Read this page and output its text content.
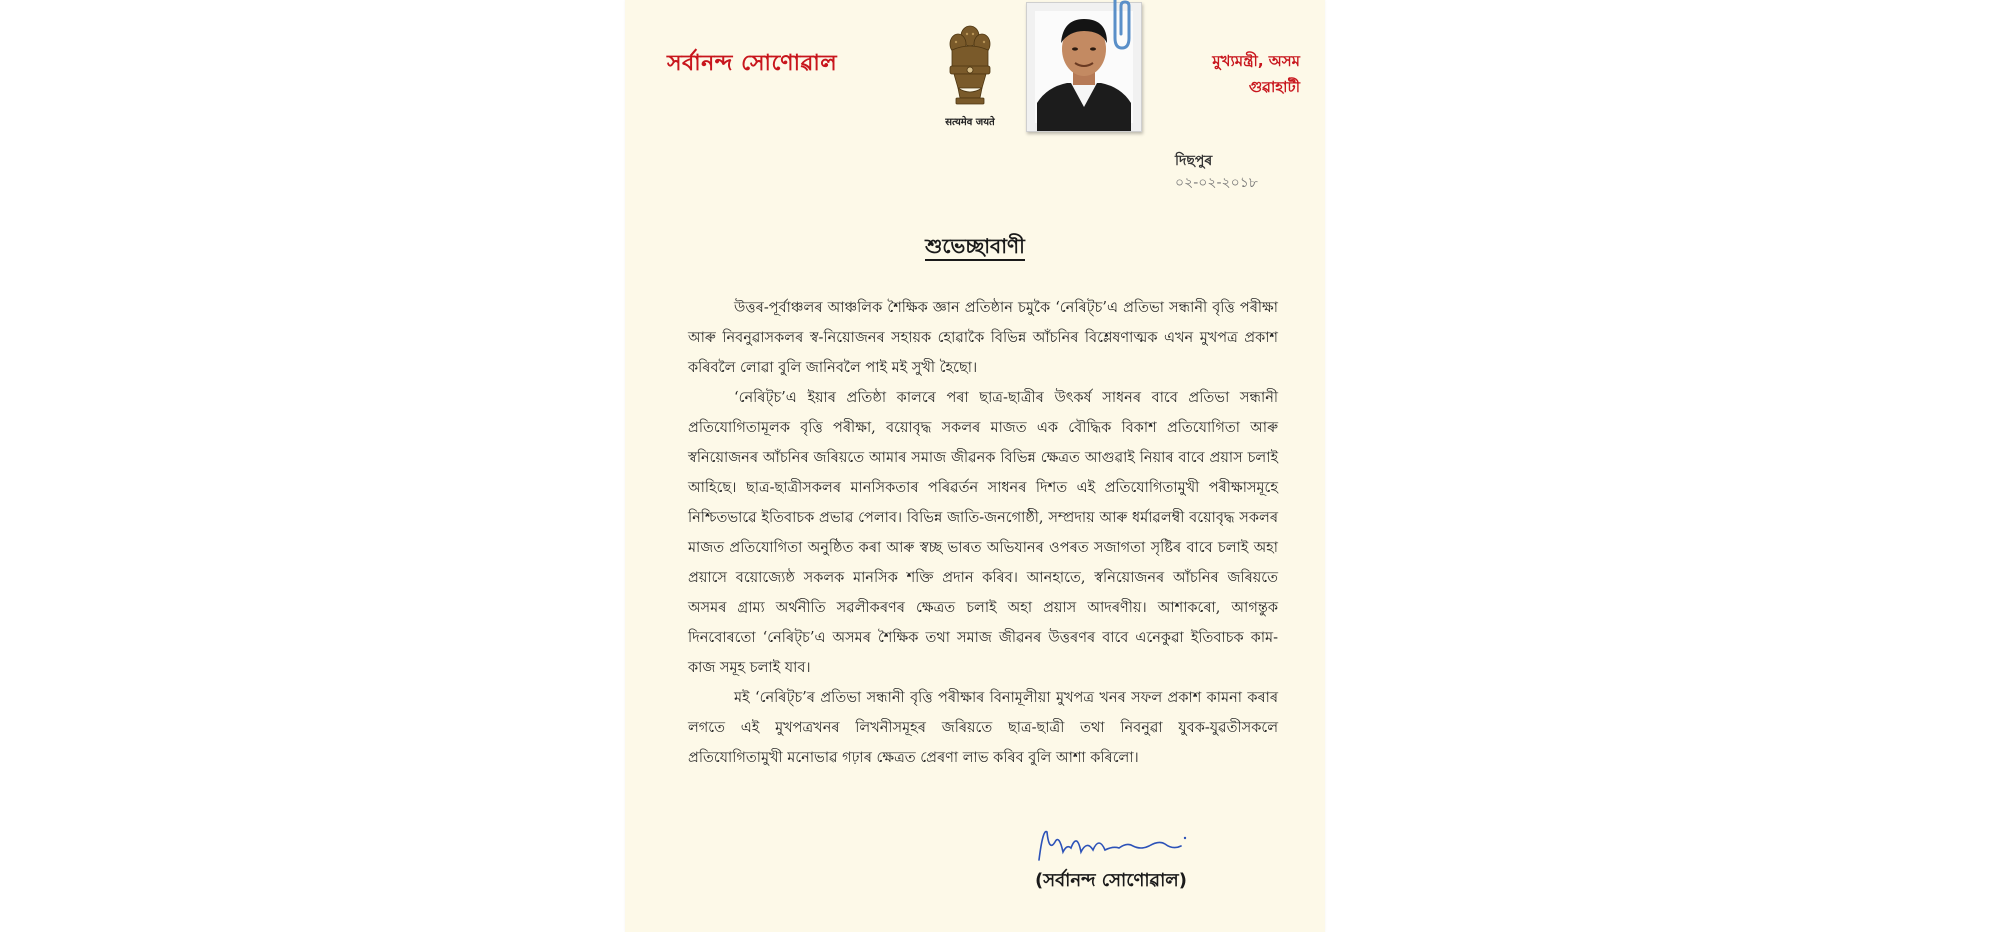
সৰ্বানন্দ সোণোৱাল
सत्यमेव जयते
মুখ্যমন্ত্ৰী, অসম
গুৱাহাটী
দিছপুৰ
০২-০২-২০১৮
শুভেচ্ছাবাণী

উত্তৰ-পূৰ্বাঞ্চলৰ আঞ্চলিক শৈক্ষিক জ্ঞান প্ৰতিষ্ঠান চমুকৈ ‘নেৰিট্চ’এ প্ৰতিভা সন্ধানী বৃত্তি পৰীক্ষা আৰু নিবনুৱাসকলৰ স্ব-নিয়োজনৰ সহায়ক হোৱাকৈ বিভিন্ন আঁচনিৰ বিশ্লেষণাত্মক এখন মুখপত্ৰ প্ৰকাশ কৰিবলৈ লোৱা বুলি জানিবলৈ পাই মই সুখী হৈছো।

‘নেৰিট্চ’এ ইয়াৰ প্ৰতিষ্ঠা কালৰে পৰা ছাত্ৰ-ছাত্ৰীৰ উৎকৰ্ষ সাধনৰ বাবে প্ৰতিভা সন্ধানী প্ৰতিযোগিতামূলক বৃত্তি পৰীক্ষা, বয়োবৃদ্ধ সকলৰ মাজত এক বৌদ্ধিক বিকাশ প্ৰতিযোগিতা আৰু স্বনিয়োজনৰ আঁচনিৰ জৰিয়তে আমাৰ সমাজ জীৱনক বিভিন্ন ক্ষেত্ৰত আগুৱাই নিয়াৰ বাবে প্ৰয়াস চলাই আহিছে। ছাত্ৰ-ছাত্ৰীসকলৰ মানসিকতাৰ পৰিৱৰ্তন সাধনৰ দিশত এই প্ৰতিযোগিতামুখী পৰীক্ষাসমূহে নিশ্চিতভাৱে ইতিবাচক প্ৰভাৱ পেলাব। বিভিন্ন জাতি-জনগোষ্ঠী, সম্প্ৰদায় আৰু ধৰ্মাৱলম্বী বয়োবৃদ্ধ সকলৰ মাজত প্ৰতিযোগিতা অনুষ্ঠিত কৰা আৰু স্বচ্ছ ভাৰত অভিযানৰ ওপৰত সজাগতা সৃষ্টিৰ বাবে চলাই অহা প্ৰয়াসে বয়োজ্যেষ্ঠ সকলক মানসিক শক্তি প্ৰদান কৰিব। আনহাতে, স্বনিয়োজনৰ আঁচনিৰ জৰিয়তে অসমৰ গ্ৰাম্য অৰ্থনীতি সৱলীকৰণৰ ক্ষেত্ৰত চলাই অহা প্ৰয়াস আদৰণীয়। আশাকৰো, আগন্তুক দিনবোৰতো ‘নেৰিট্চ’এ অসমৰ শৈক্ষিক তথা সমাজ জীৱনৰ উত্তৰণৰ বাবে এনেকুৱা ইতিবাচক কাম-কাজ সমূহ চলাই যাব।

মই ‘নেৰিট্চ’ৰ প্ৰতিভা সন্ধানী বৃত্তি পৰীক্ষাৰ বিনামূলীয়া মুখপত্ৰ খনৰ সফল প্ৰকাশ কামনা কৰাৰ লগতে এই মুখপত্ৰখনৰ লিখনীসমূহৰ জৰিয়তে ছাত্ৰ-ছাত্ৰী তথা নিবনুৱা যুবক-যুৱতীসকলে প্ৰতিযোগিতামুখী মনোভাৱ গঢ়াৰ ক্ষেত্ৰত প্ৰেৰণা লাভ কৰিব বুলি আশা কৰিলো।

(সৰ্বানন্দ সোণোৱাল)
